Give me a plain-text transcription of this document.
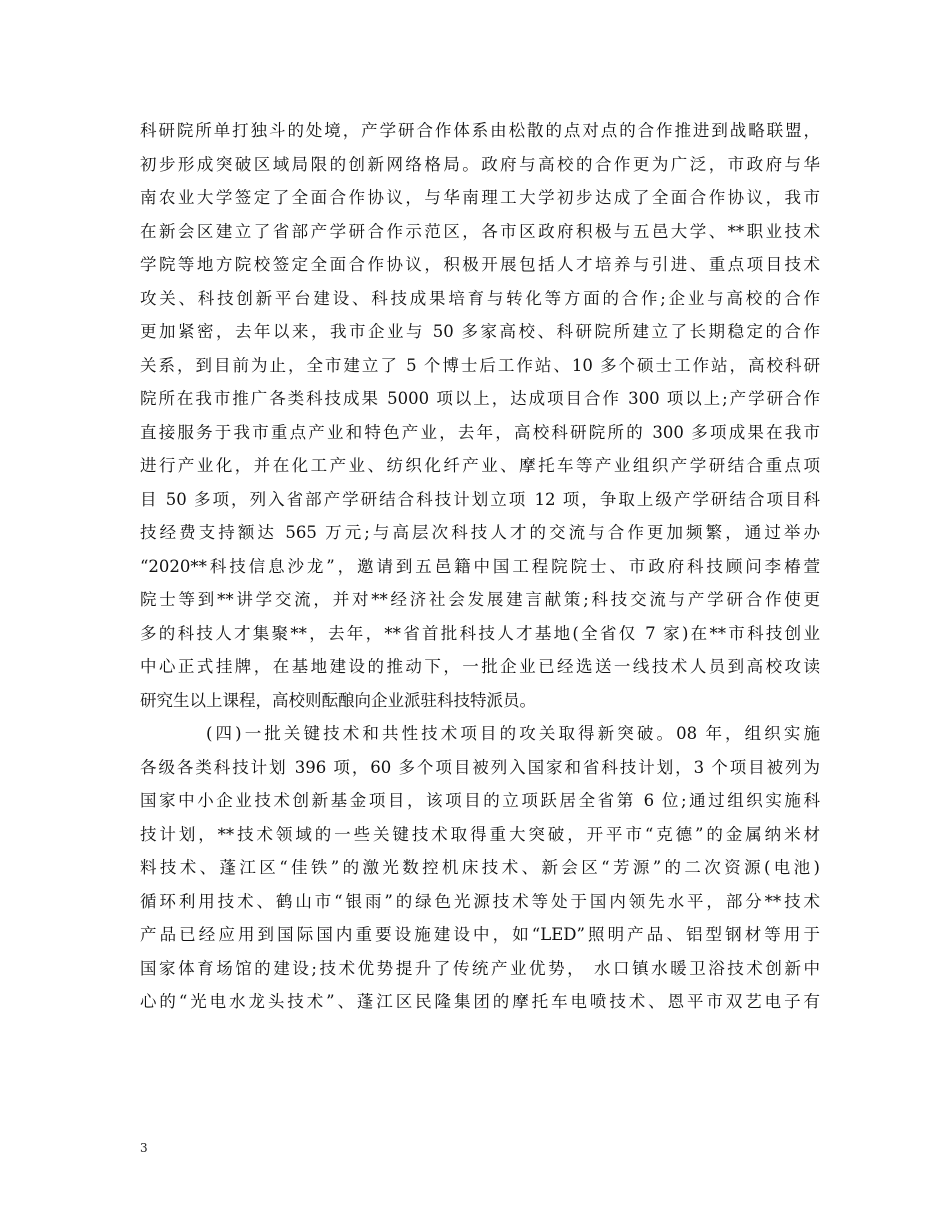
科研院所单打独斗的处境，产学研合作体系由松散的点对点的合作推进到战略联盟，
初步形成突破区域局限的创新网络格局。政府与高校的合作更为广泛，市政府与华
南农业大学签定了全面合作协议，与华南理工大学初步达成了全面合作协议，我市
在新会区建立了省部产学研合作示范区，各市区政府积极与五邑大学、**职业技术
学院等地方院校签定全面合作协议，积极开展包括人才培养与引进、重点项目技术
攻关、科技创新平台建设、科技成果培育与转化等方面的合作;企业与高校的合作
更加紧密，去年以来，我市企业与 50 多家高校、科研院所建立了长期稳定的合作
关系，到目前为止，全市建立了 5 个博士后工作站、10 多个硕士工作站，高校科研
院所在我市推广各类科技成果 5000 项以上，达成项目合作 300 项以上;产学研合作
直接服务于我市重点产业和特色产业，去年，高校科研院所的 300 多项成果在我市
进行产业化，并在化工产业、纺织化纤产业、摩托车等产业组织产学研结合重点项
目 50 多项，列入省部产学研结合科技计划立项 12 项，争取上级产学研结合项目科
技经费支持额达 565 万元;与高层次科技人才的交流与合作更加频繁，通过举办
“2020**科技信息沙龙”，邀请到五邑籍中国工程院院士、市政府科技顾问李椿萱
院士等到**讲学交流，并对**经济社会发展建言献策;科技交流与产学研合作使更
多的科技人才集聚**，去年，**省首批科技人才基地(全省仅 7 家)在**市科技创业
中心正式挂牌，在基地建设的推动下，一批企业已经选送一线技术人员到高校攻读
研究生以上课程，高校则酝酿向企业派驻科技特派员。
(四)一批关键技术和共性技术项目的攻关取得新突破。08 年，组织实施
各级各类科技计划 396 项，60 多个项目被列入国家和省科技计划，3 个项目被列为
国家中小企业技术创新基金项目，该项目的立项跃居全省第 6 位;通过组织实施科
技计划，**技术领域的一些关键技术取得重大突破，开平市“克德”的金属纳米材
料技术、蓬江区“佳铁”的激光数控机床技术、新会区“芳源”的二次资源(电池)
循环利用技术、鹤山市“银雨”的绿色光源技术等处于国内领先水平，部分**技术
产品已经应用到国际国内重要设施建设中，如“LED”照明产品、铝型钢材等用于
国家体育场馆的建设;技术优势提升了传统产业优势， 水口镇水暖卫浴技术创新中
心的“光电水龙头技术”、蓬江区民隆集团的摩托车电喷技术、恩平市双艺电子有
3
